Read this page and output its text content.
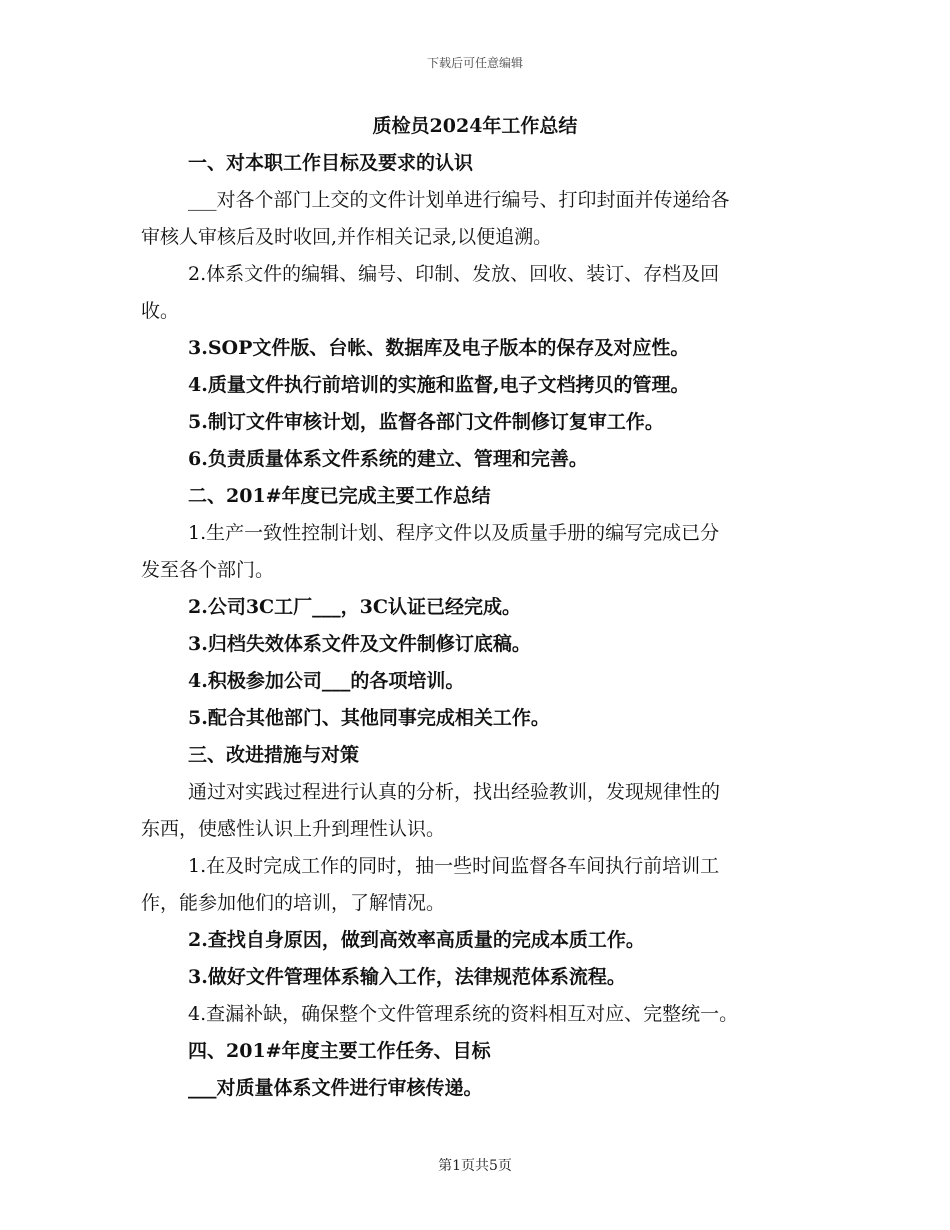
下载后可任意编辑

质检员2024年工作总结

一、对本职工作目标及要求的认识

___对各个部门上交的文件计划单进行编号、打印封面并传递给各

审核人审核后及时收回,并作相关记录,以便追溯。

2.体系文件的编辑、编号、印制、发放、回收、装订、存档及回

收。

3.SOP文件版、台帐、数据库及电子版本的保存及对应性。

4.质量文件执行前培训的实施和监督,电子文档拷贝的管理。

5.制订文件审核计划，监督各部门文件制修订复审工作。

6.负责质量体系文件系统的建立、管理和完善。

二、201#年度已完成主要工作总结

1.生产一致性控制计划、程序文件以及质量手册的编写完成已分

发至各个部门。

2.公司3C工厂___，3C认证已经完成。

3.归档失效体系文件及文件制修订底稿。

4.积极参加公司___的各项培训。

5.配合其他部门、其他同事完成相关工作。

三、改进措施与对策

通过对实践过程进行认真的分析，找出经验教训，发现规律性的

东西，使感性认识上升到理性认识。

1.在及时完成工作的同时，抽一些时间监督各车间执行前培训工

作，能参加他们的培训，了解情况。

2.查找自身原因，做到高效率高质量的完成本质工作。

3.做好文件管理体系输入工作，法律规范体系流程。

4.查漏补缺，确保整个文件管理系统的资料相互对应、完整统一。

四、201#年度主要工作任务、目标

___对质量体系文件进行审核传递。

第1页共5页
